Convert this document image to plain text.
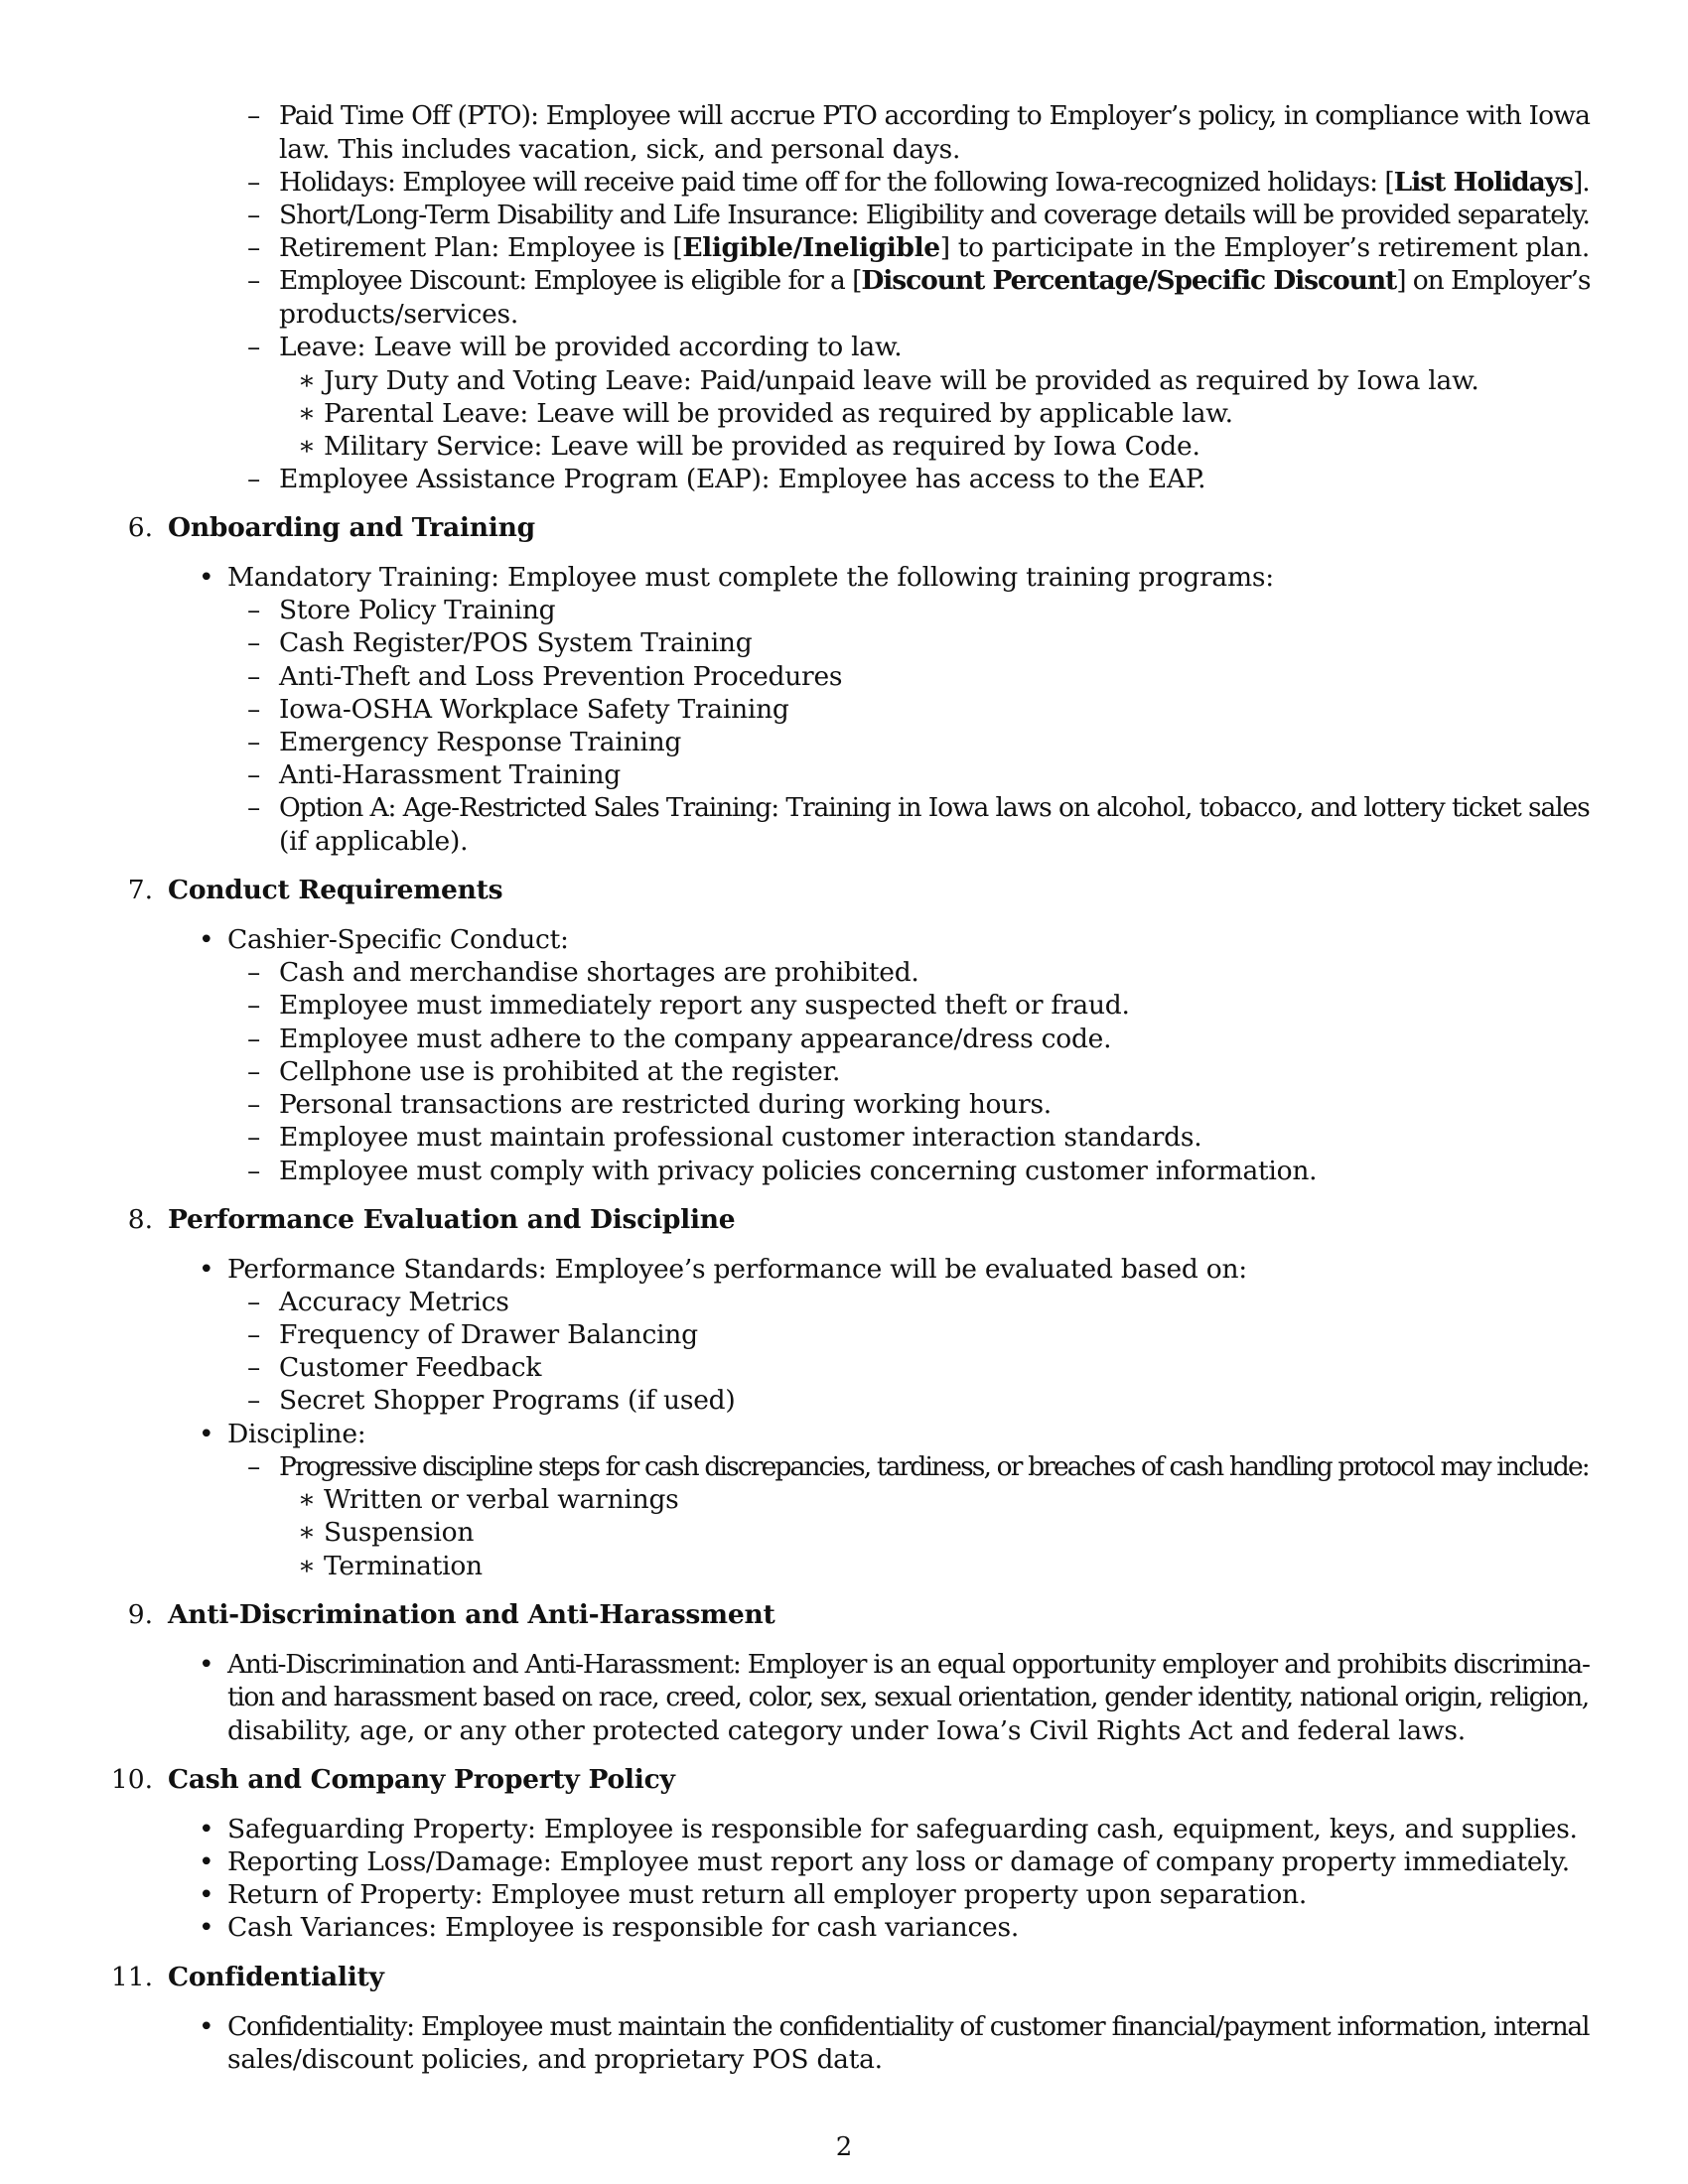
– Paid Time Off (PTO): Employee will accrue PTO according to Employer’s policy, in compliance with Iowa
law. This includes vacation, sick, and personal days.
– Holidays: Employee will receive paid time off for the following Iowa-recognized holidays: [List Holidays].
– Short/Long-Term Disability and Life Insurance: Eligibility and coverage details will be provided separately.
– Retirement Plan: Employee is [Eligible/Ineligible] to participate in the Employer’s retirement plan.
– Employee Discount: Employee is eligible for a [Discount Percentage/Specific Discount] on Employer’s
products/services.
– Leave: Leave will be provided according to law.
∗ Jury Duty and Voting Leave: Paid/unpaid leave will be provided as required by Iowa law.
∗ Parental Leave: Leave will be provided as required by applicable law.
∗ Military Service: Leave will be provided as required by Iowa Code.
– Employee Assistance Program (EAP): Employee has access to the EAP.
6. Onboarding and Training
• Mandatory Training: Employee must complete the following training programs:
– Store Policy Training
– Cash Register/POS System Training
– Anti-Theft and Loss Prevention Procedures
– Iowa-OSHA Workplace Safety Training
– Emergency Response Training
– Anti-Harassment Training
– Option A: Age-Restricted Sales Training: Training in Iowa laws on alcohol, tobacco, and lottery ticket sales
(if applicable).
7. Conduct Requirements
• Cashier-Specific Conduct:
– Cash and merchandise shortages are prohibited.
– Employee must immediately report any suspected theft or fraud.
– Employee must adhere to the company appearance/dress code.
– Cellphone use is prohibited at the register.
– Personal transactions are restricted during working hours.
– Employee must maintain professional customer interaction standards.
– Employee must comply with privacy policies concerning customer information.
8. Performance Evaluation and Discipline
• Performance Standards: Employee’s performance will be evaluated based on:
– Accuracy Metrics
– Frequency of Drawer Balancing
– Customer Feedback
– Secret Shopper Programs (if used)
• Discipline:
– Progressive discipline steps for cash discrepancies, tardiness, or breaches of cash handling protocol may include:
∗ Written or verbal warnings
∗ Suspension
∗ Termination
9. Anti-Discrimination and Anti-Harassment
• Anti-Discrimination and Anti-Harassment: Employer is an equal opportunity employer and prohibits discrimina-
tion and harassment based on race, creed, color, sex, sexual orientation, gender identity, national origin, religion,
disability, age, or any other protected category under Iowa’s Civil Rights Act and federal laws.
10. Cash and Company Property Policy
• Safeguarding Property: Employee is responsible for safeguarding cash, equipment, keys, and supplies.
• Reporting Loss/Damage: Employee must report any loss or damage of company property immediately.
• Return of Property: Employee must return all employer property upon separation.
• Cash Variances: Employee is responsible for cash variances.
11. Confidentiality
• Confidentiality: Employee must maintain the confidentiality of customer financial/payment information, internal
sales/discount policies, and proprietary POS data.
2
